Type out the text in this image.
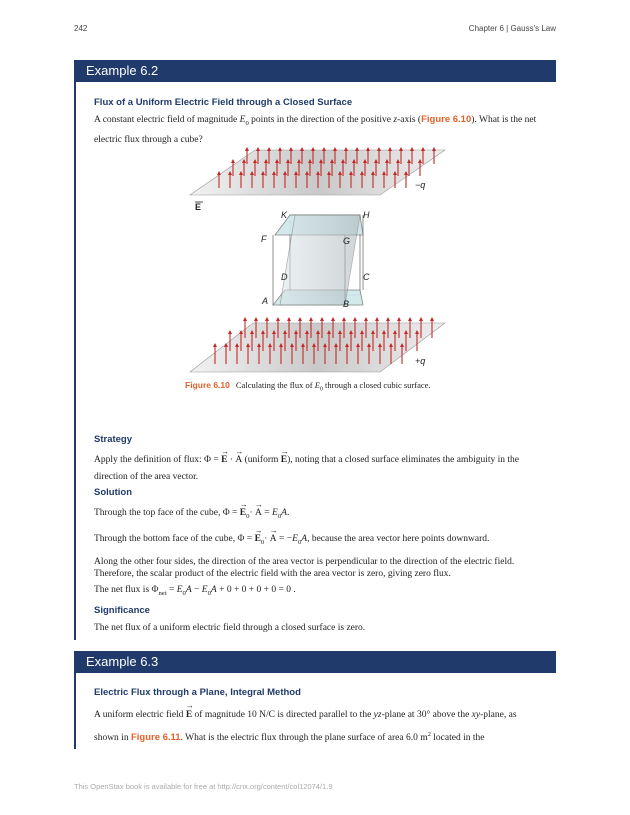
242	Chapter 6 | Gauss's Law
Example 6.2
Flux of a Uniform Electric Field through a Closed Surface
A constant electric field of magnitude $E_0$ points in the direction of the positive z-axis (Figure 6.10). What is the net electric flux through a cube?
−q
E
K	H
F	G
D	C
A	B
+q
Figure 6.10 Calculating the flux of $E_0$ through a closed cubic surface.
Strategy
Apply the definition of flux: Φ = → E · → A (uniform → E), noting that a closed surface eliminates the ambiguity in the direction of the area vector.
Solution
Through the top face of the cube, Φ = → $E_0\cdot \to A = E_0A$.
Through the bottom face of the cube, Φ = → $E_0\cdot \to A = -E_0A$, because the area vector here points downward.
Along the other four sides, the direction of the area vector is perpendicular to the direction of the electric field. Therefore, the scalar product of the electric field with the area vector is zero, giving zero flux.
The net flux is $\Phi_{net} = E_0A - E_0A + 0 + 0 + 0 + 0 = 0$ .
Significance
The net flux of a uniform electric field through a closed surface is zero.
Example 6.3
Electric Flux through a Plane, Integral Method
A uniform electric field → E of magnitude 10 N/C is directed parallel to the yz-plane at 30° above the xy-plane, as shown in Figure 6.11. What is the electric flux through the plane surface of area 6.0 $m^2$ located in the
This OpenStax book is available for free at http://cnx.org/content/col12074/1.9
